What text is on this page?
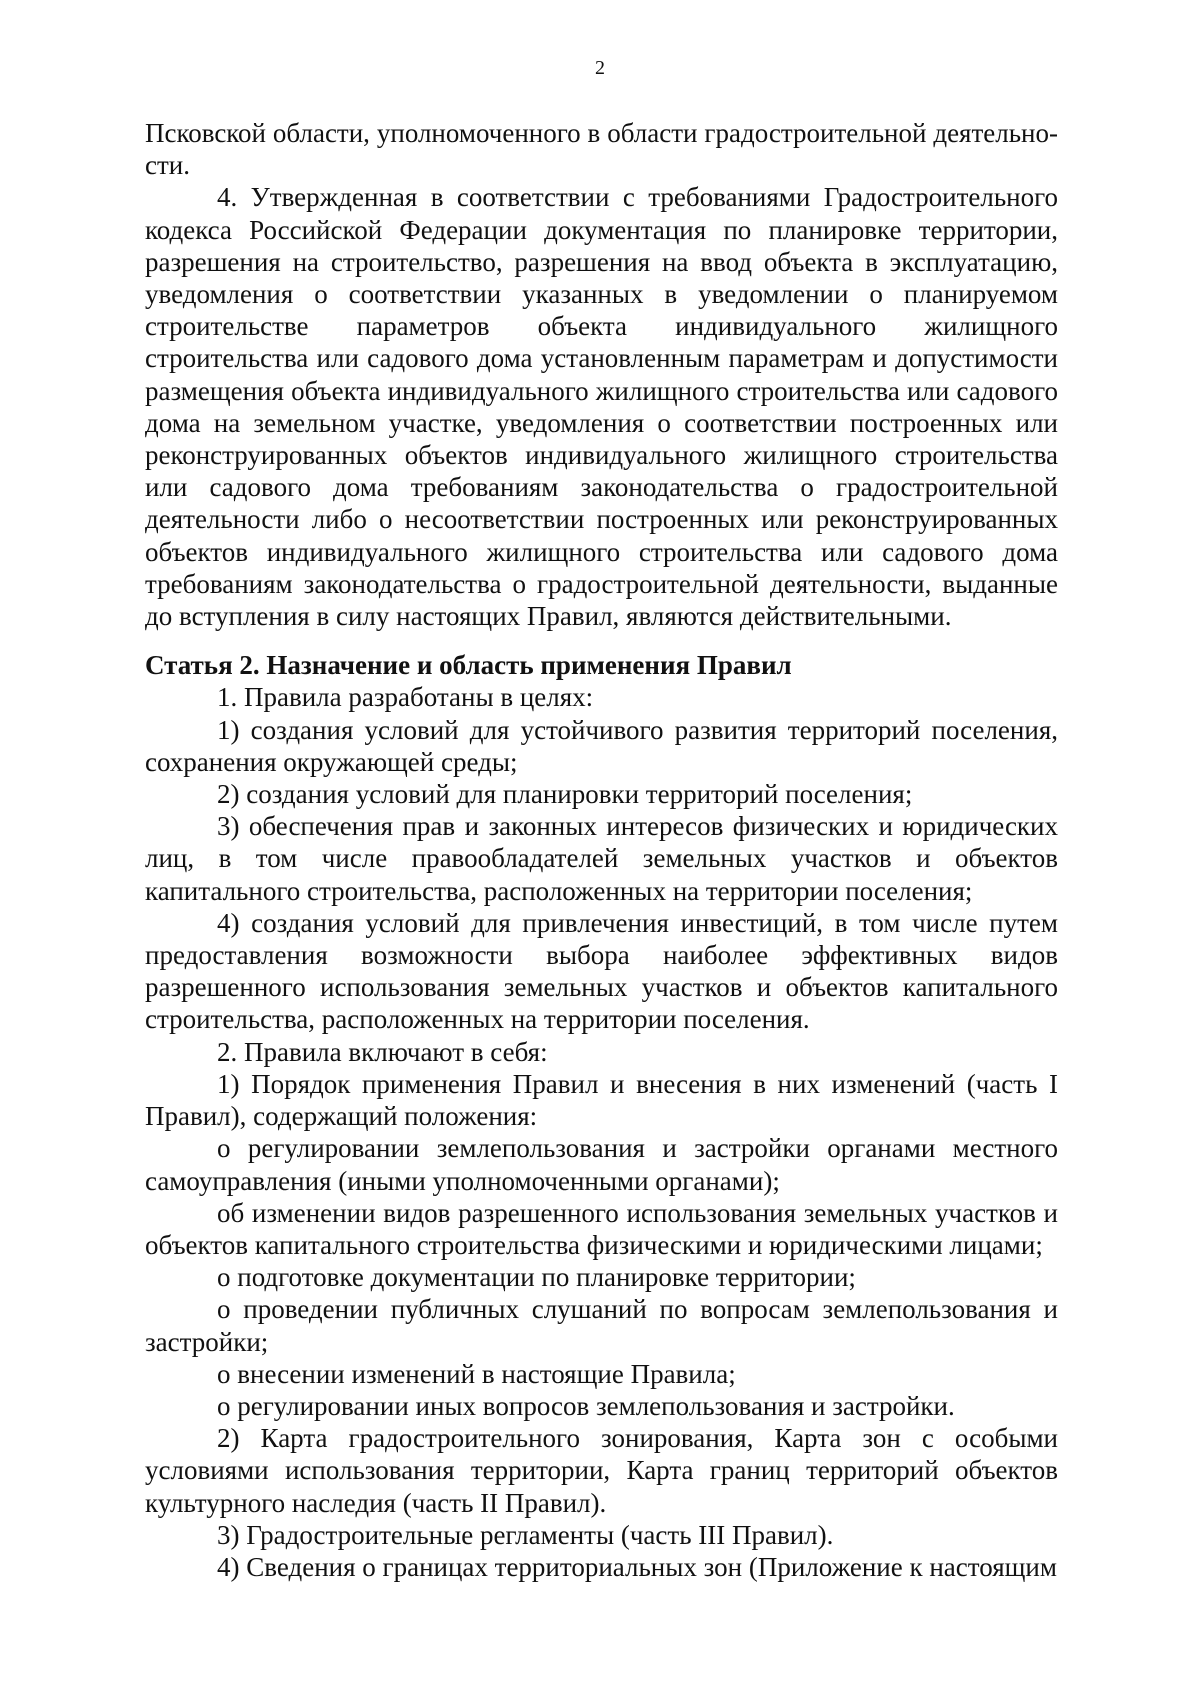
2

Псковской области, уполномоченного в области градостроительной деятельности.

4. Утвержденная в соответствии с требованиями Градостроительного кодекса Российской Федерации документация по планировке территории, разрешения на строительство, разрешения на ввод объекта в эксплуатацию, уведомления о соответствии указанных в уведомлении о планируемом строительстве параметров объекта индивидуального жилищного строительства или садового дома установленным параметрам и допустимости размещения объекта индивидуального жилищного строительства или садового дома на земельном участке, уведомления о соответствии построенных или реконструированных объектов индивидуального жилищного строительства или садового дома требованиям законодательства о градостроительной деятельности либо о несоответствии построенных или реконструированных объектов индивидуального жилищного строительства или садового дома требованиям законодательства о градостроительной деятельности, выданные до вступления в силу настоящих Правил, являются действительными.

Статья 2. Назначение и область применения Правил

1. Правила разработаны в целях:

1) создания условий для устойчивого развития территорий поселения, сохранения окружающей среды;

2) создания условий для планировки территорий поселения;

3) обеспечения прав и законных интересов физических и юридических лиц, в том числе правообладателей земельных участков и объектов капитального строительства, расположенных на территории поселения;

4) создания условий для привлечения инвестиций, в том числе путем предоставления возможности выбора наиболее эффективных видов разрешенного использования земельных участков и объектов капитального строительства, расположенных на территории поселения.

2. Правила включают в себя:

1) Порядок применения Правил и внесения в них изменений (часть I Правил), содержащий положения:

о регулировании землепользования и застройки органами местного самоуправления (иными уполномоченными органами);

об изменении видов разрешенного использования земельных участков и объектов капитального строительства физическими и юридическими лицами;

о подготовке документации по планировке территории;

о проведении публичных слушаний по вопросам землепользования и застройки;

о внесении изменений в настоящие Правила;

о регулировании иных вопросов землепользования и застройки.

2) Карта градостроительного зонирования, Карта зон с особыми условиями использования территории, Карта границ территорий объектов культурного наследия (часть II Правил).

3) Градостроительные регламенты (часть III Правил).

4) Сведения о границах территориальных зон (Приложение к настоящим
